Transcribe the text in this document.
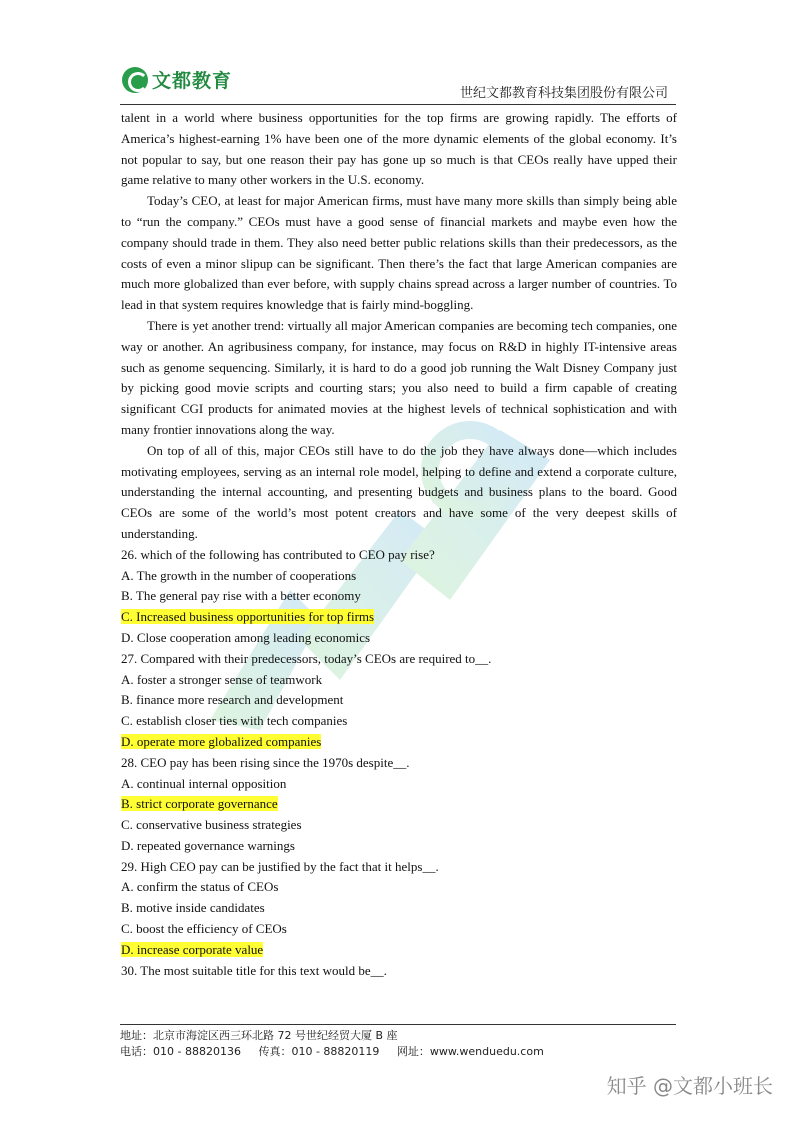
文都教育
世纪文都教育科技集团股份有限公司

talent in a world where business opportunities for the top firms are growing rapidly. The efforts of America’s highest-earning 1% have been one of the more dynamic elements of the global economy. It’s not popular to say, but one reason their pay has gone up so much is that CEOs really have upped their game relative to many other workers in the U.S. economy.

Today’s CEO, at least for major American firms, must have many more skills than simply being able to “run the company.” CEOs must have a good sense of financial markets and maybe even how the company should trade in them. They also need better public relations skills than their predecessors, as the costs of even a minor slipup can be significant. Then there’s the fact that large American companies are much more globalized than ever before, with supply chains spread across a larger number of countries. To lead in that system requires knowledge that is fairly mind-boggling.

There is yet another trend: virtually all major American companies are becoming tech companies, one way or another. An agribusiness company, for instance, may focus on R&D in highly IT-intensive areas such as genome sequencing. Similarly, it is hard to do a good job running the Walt Disney Company just by picking good movie scripts and courting stars; you also need to build a firm capable of creating significant CGI products for animated movies at the highest levels of technical sophistication and with many frontier innovations along the way.

On top of all of this, major CEOs still have to do the job they have always done—which includes motivating employees, serving as an internal role model, helping to define and extend a corporate culture, understanding the internal accounting, and presenting budgets and business plans to the board. Good CEOs are some of the world’s most potent creators and have some of the very deepest skills of understanding.

26. which of the following has contributed to CEO pay rise?

A. The growth in the number of cooperations

B. The general pay rise with a better economy

C. Increased business opportunities for top firms

D. Close cooperation among leading economics

27. Compared with their predecessors, today’s CEOs are required to__.

A. foster a stronger sense of teamwork

B. finance more research and development

C. establish closer ties with tech companies

D. operate more globalized companies

28. CEO pay has been rising since the 1970s despite__.

A. continual internal opposition

B. strict corporate governance

C. conservative business strategies

D. repeated governance warnings

29. High CEO pay can be justified by the fact that it helps__.

A. confirm the status of CEOs

B. motive inside candidates

C. boost the efficiency of CEOs

D. increase corporate value

30. The most suitable title for this text would be__.

地址：北京市海淀区西三环北路 72 号世纪经贸大厦 B 座
电话：010 - 88820136 传真：010 - 88820119 网址：www.wenduedu.com
知乎 @文都小班长
